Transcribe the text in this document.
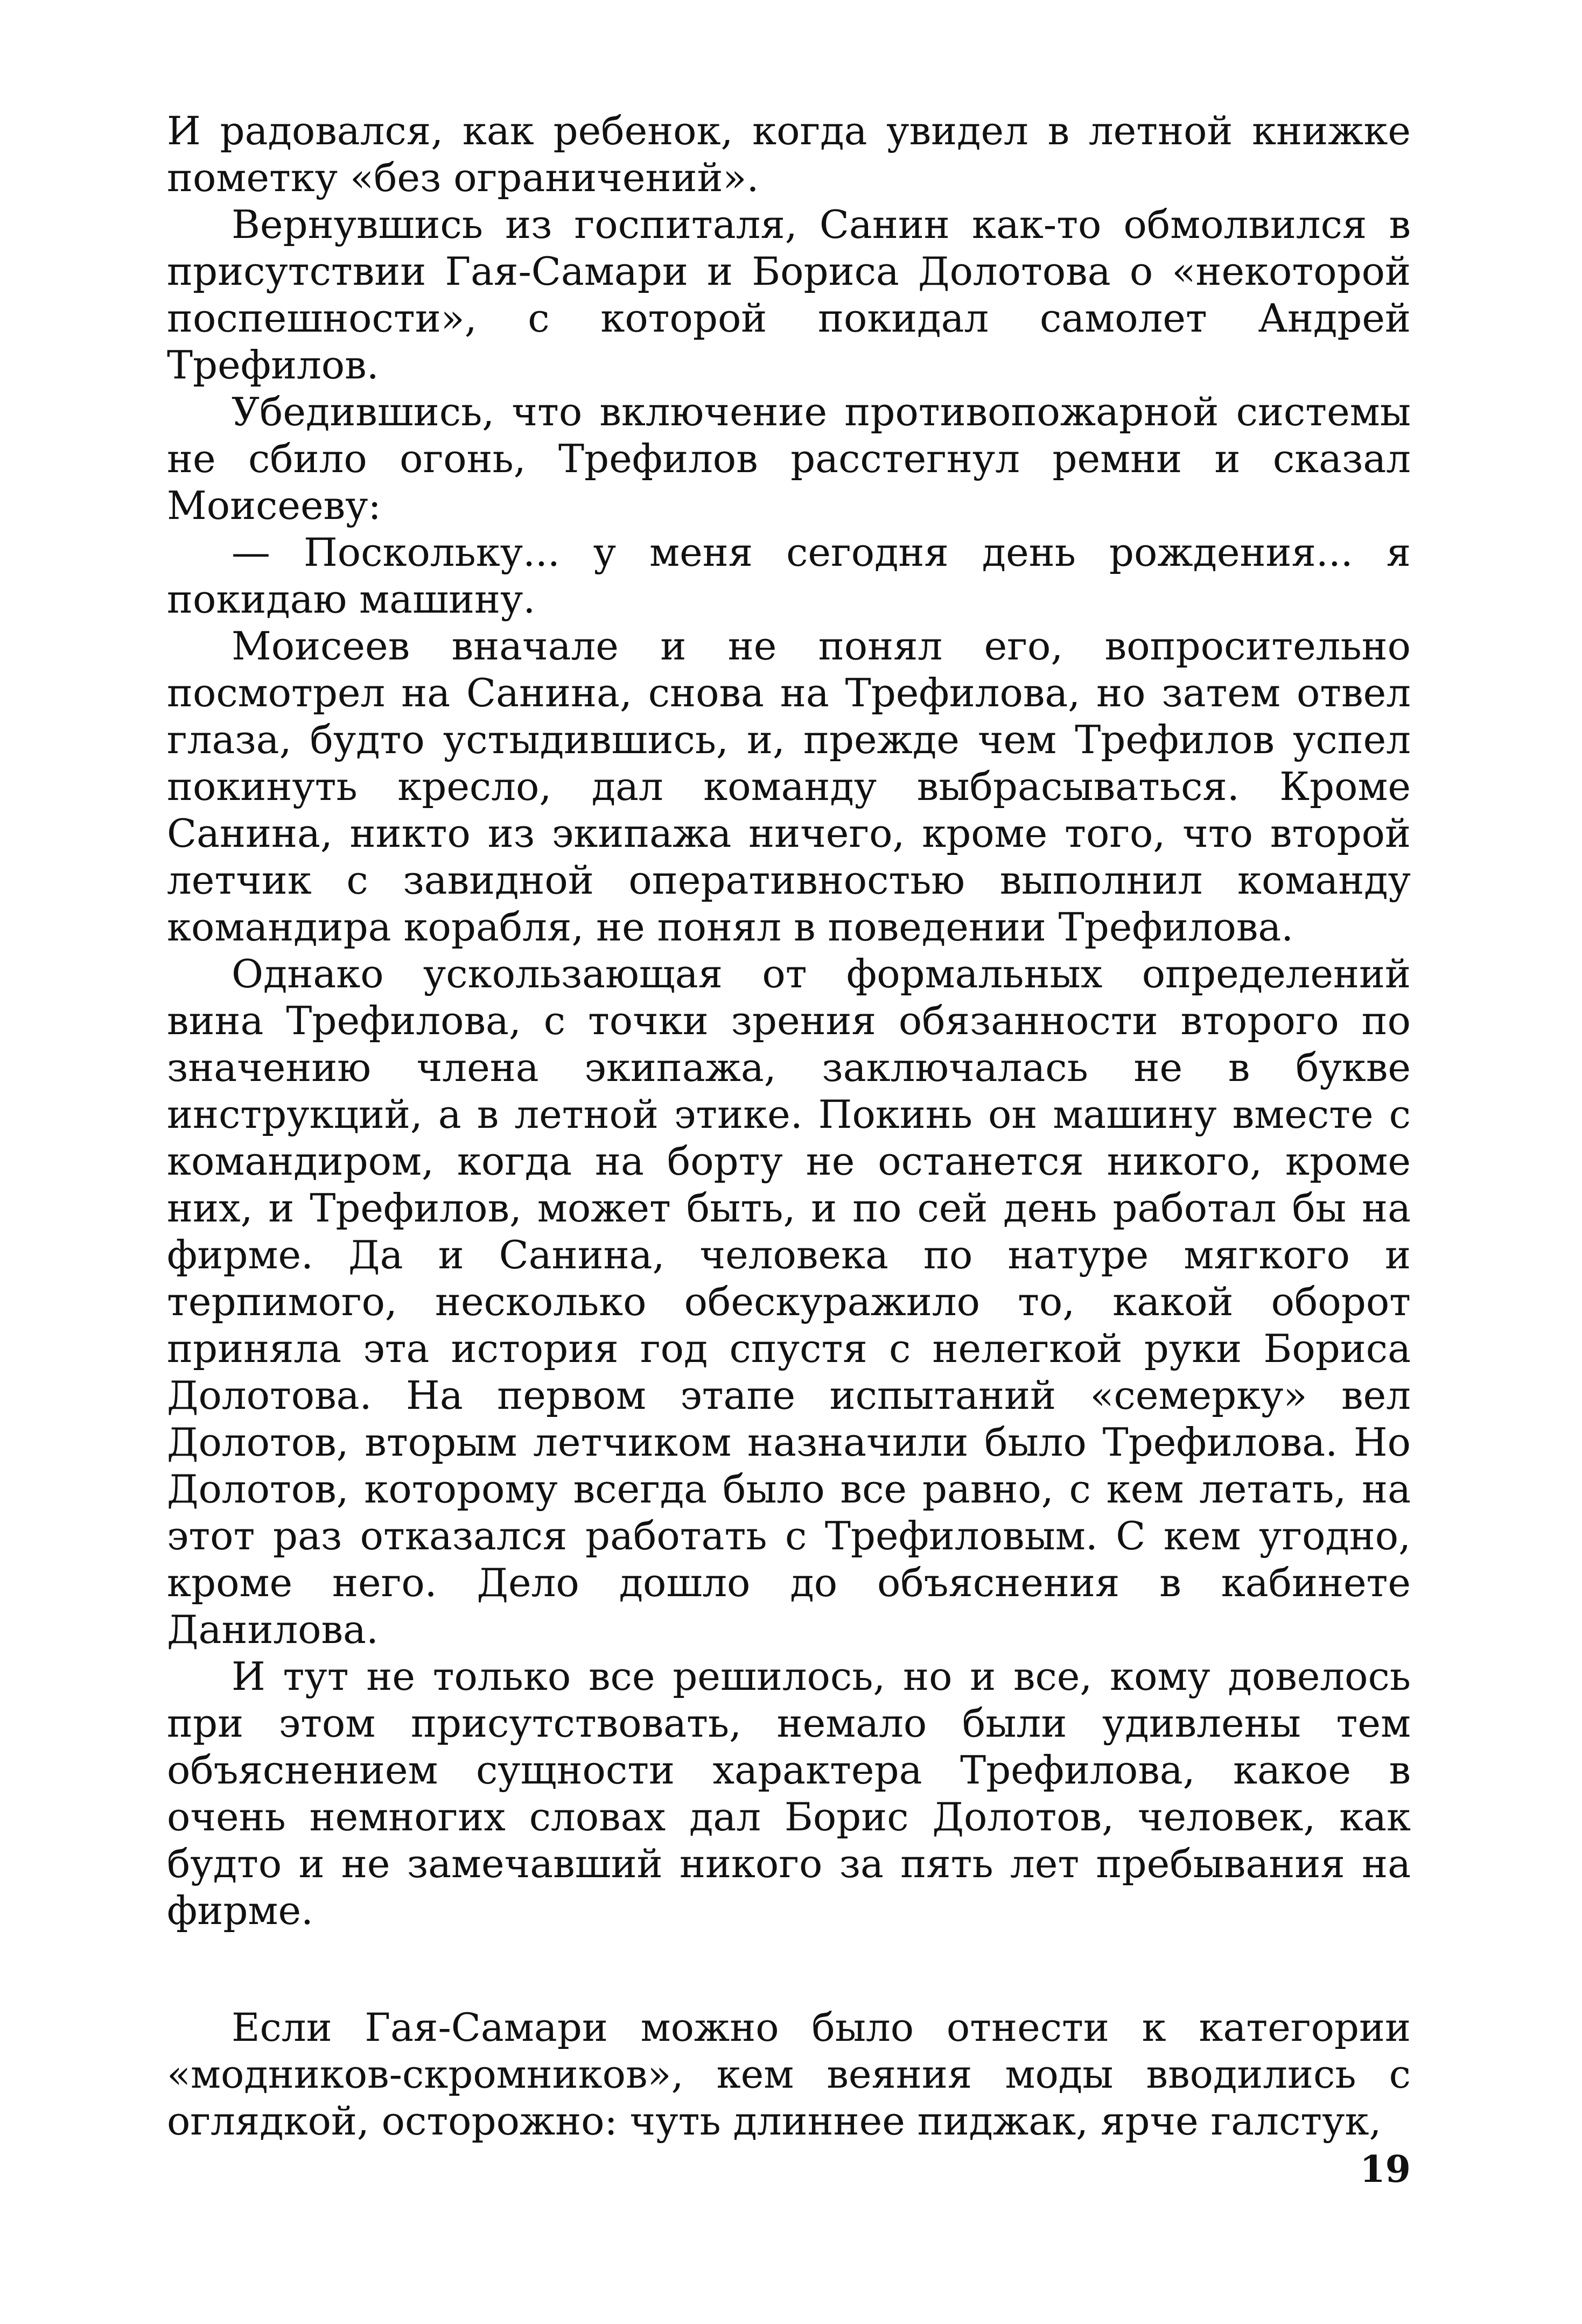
И радовался, как ребенок, когда увидел в летной книжке пометку «без ограничений».

Вернувшись из госпиталя, Санин как-то обмолвился в присутствии Гая-Самари и Бориса Долотова о «некоторой поспешности», с которой покидал самолет Андрей Трефилов.

Убедившись, что включение противопожарной системы не сбило огонь, Трефилов расстегнул ремни и сказал Моисееву:

— Поскольку... у меня сегодня день рождения... я покидаю машину.

Моисеев вначале и не понял его, вопросительно посмотрел на Санина, снова на Трефилова, но затем отвел глаза, будто устыдившись, и, прежде чем Трефилов успел покинуть кресло, дал команду выбрасываться. Кроме Санина, никто из экипажа ничего, кроме того, что второй летчик с завидной оперативностью выполнил команду командира корабля, не понял в поведении Трефилова.

Однако ускользающая от формальных определений вина Трефилова, с точки зрения обязанности второго по значению члена экипажа, заключалась не в букве инструкций, а в летной этике. Покинь он машину вместе с командиром, когда на борту не останется никого, кроме них, и Трефилов, может быть, и по сей день работал бы на фирме. Да и Санина, человека по натуре мягкого и терпимого, несколько обескуражило то, какой оборот приняла эта история год спустя с нелегкой руки Бориса Долотова. На первом этапе испытаний «семерку» вел Долотов, вторым летчиком назначили было Трефилова. Но Долотов, которому всегда было все равно, с кем летать, на этот раз отказался работать с Трефиловым. С кем угодно, кроме него. Дело дошло до объяснения в кабинете Данилова.

И тут не только все решилось, но и все, кому довелось при этом присутствовать, немало были удивлены тем объяснением сущности характера Трефилова, какое в очень немногих словах дал Борис Долотов, человек, как будто и не замечавший никого за пять лет пребывания на фирме.

Если Гая-Самари можно было отнести к категории «модников-скромников», кем веяния моды вводились с оглядкой, осторожно: чуть длиннее пиджак, ярче галстук,

19
